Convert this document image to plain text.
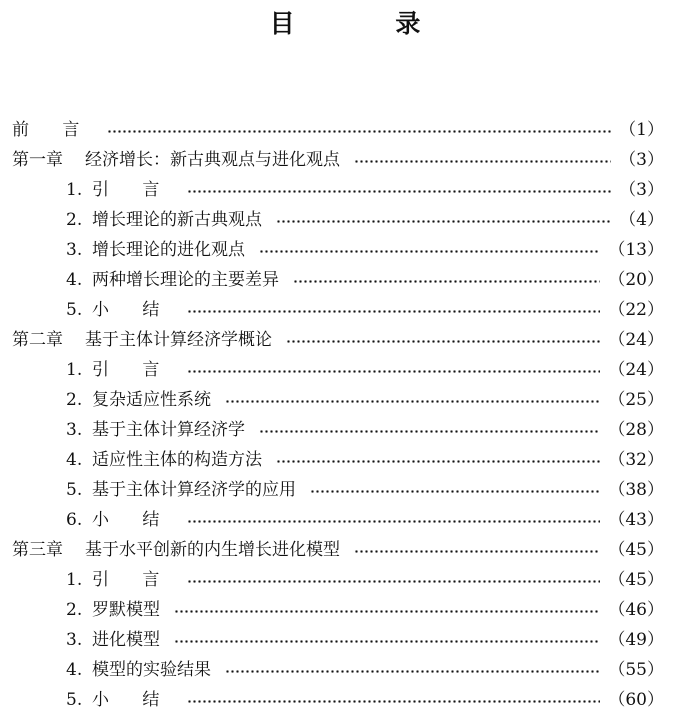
目 录
前 言	（1）
第一章 经济增长：新古典观点与进化观点	（3）
1. 引 言	（3）
2. 增长理论的新古典观点	（4）
3. 增长理论的进化观点	（13）
4. 两种增长理论的主要差异	（20）
5. 小 结	（22）
第二章 基于主体计算经济学概论	（24）
1. 引 言	（24）
2. 复杂适应性系统	（25）
3. 基于主体计算经济学	（28）
4. 适应性主体的构造方法	（32）
5. 基于主体计算经济学的应用	（38）
6. 小 结	（43）
第三章 基于水平创新的内生增长进化模型	（45）
1. 引 言	（45）
2. 罗默模型	（46）
3. 进化模型	（49）
4. 模型的实验结果	（55）
5. 小 结	（60）
